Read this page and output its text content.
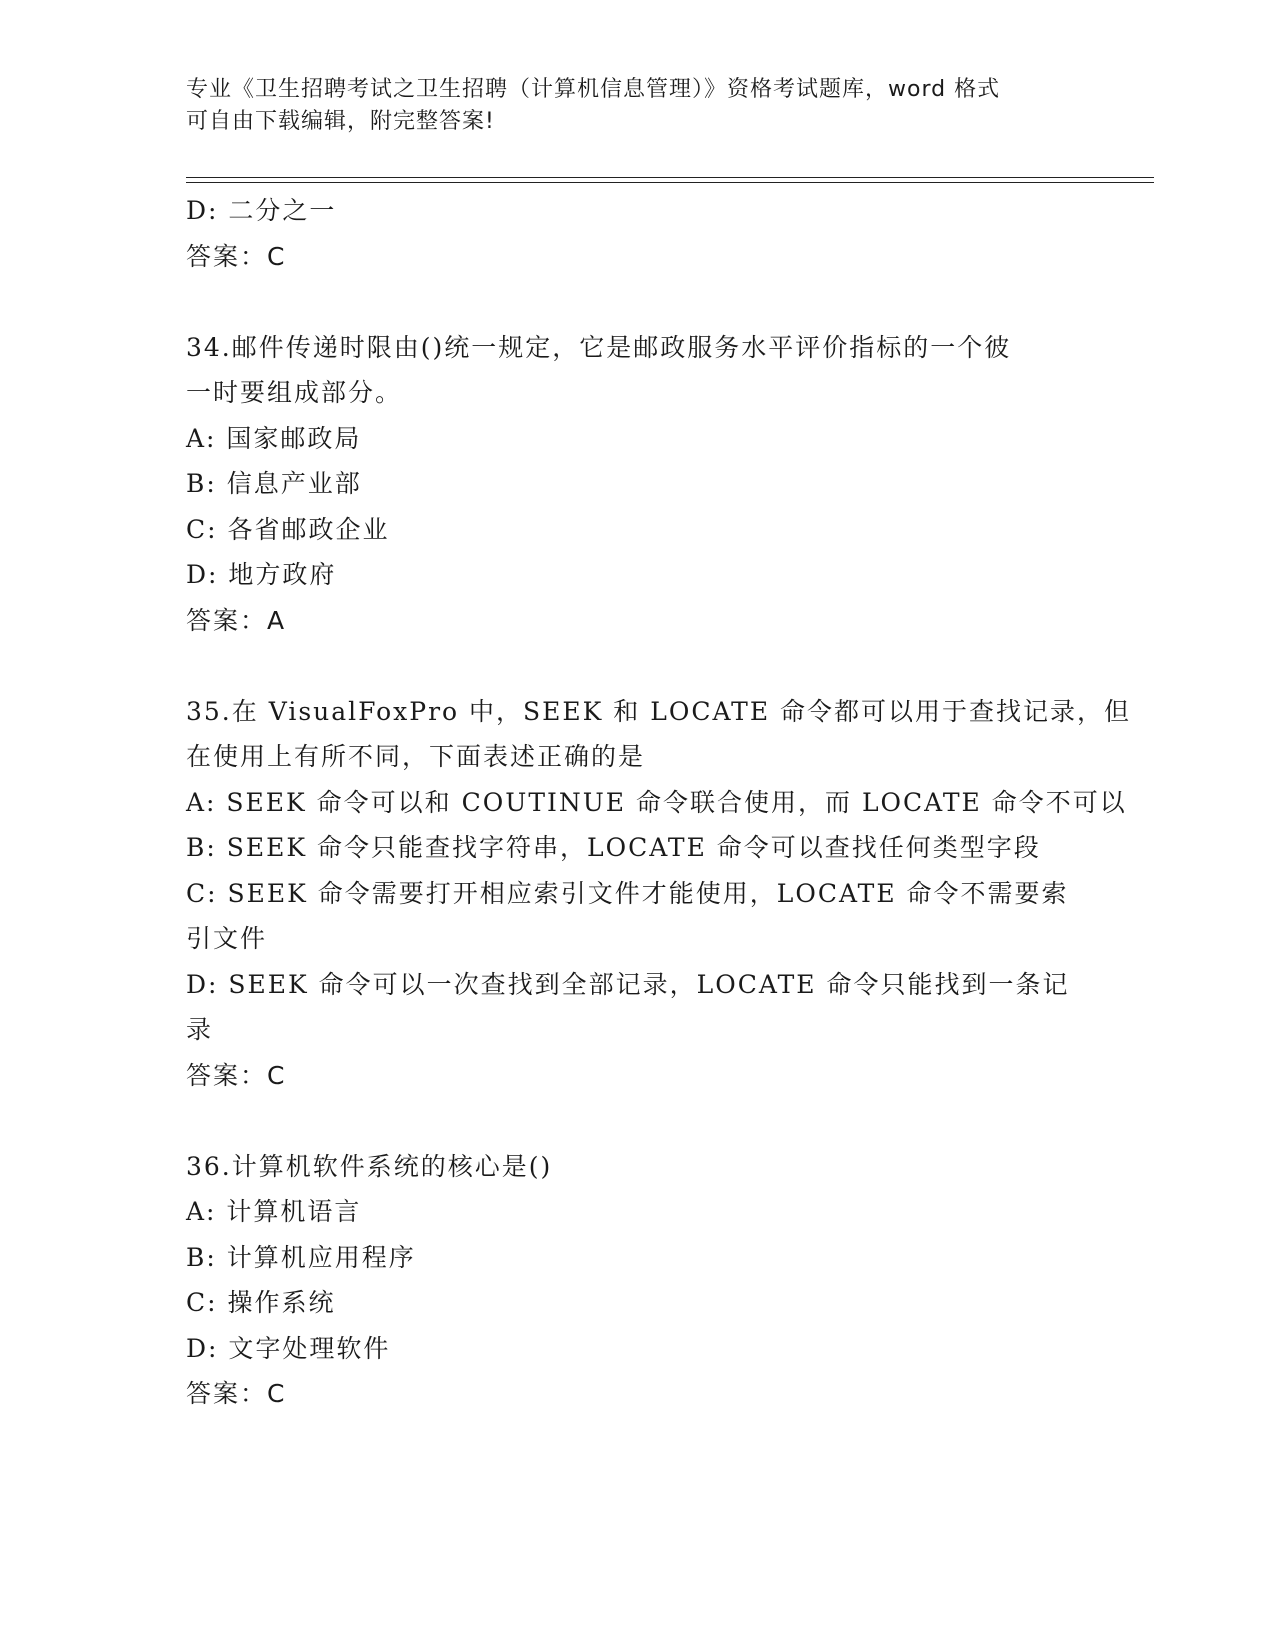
专业《卫生招聘考试之卫生招聘（计算机信息管理）》资格考试题库，word 格式
可自由下载编辑，附完整答案!
D: 二分之一
答案：C
34.邮件传递时限由()统一规定，它是邮政服务水平评价指标的一个彼
一时要组成部分。
A: 国家邮政局
B: 信息产业部
C: 各省邮政企业
D: 地方政府
答案：A
35.在 VisualFoxPro 中，SEEK 和 LOCATE 命令都可以用于查找记录，但
在使用上有所不同，下面表述正确的是
A: SEEK 命令可以和 COUTINUE 命令联合使用，而 LOCATE 命令不可以
B: SEEK 命令只能查找字符串，LOCATE 命令可以查找任何类型字段
C: SEEK 命令需要打开相应索引文件才能使用，LOCATE 命令不需要索
引文件
D: SEEK 命令可以一次查找到全部记录，LOCATE 命令只能找到一条记
录
答案：C
36.计算机软件系统的核心是()
A: 计算机语言
B: 计算机应用程序
C: 操作系统
D: 文字处理软件
答案：C
